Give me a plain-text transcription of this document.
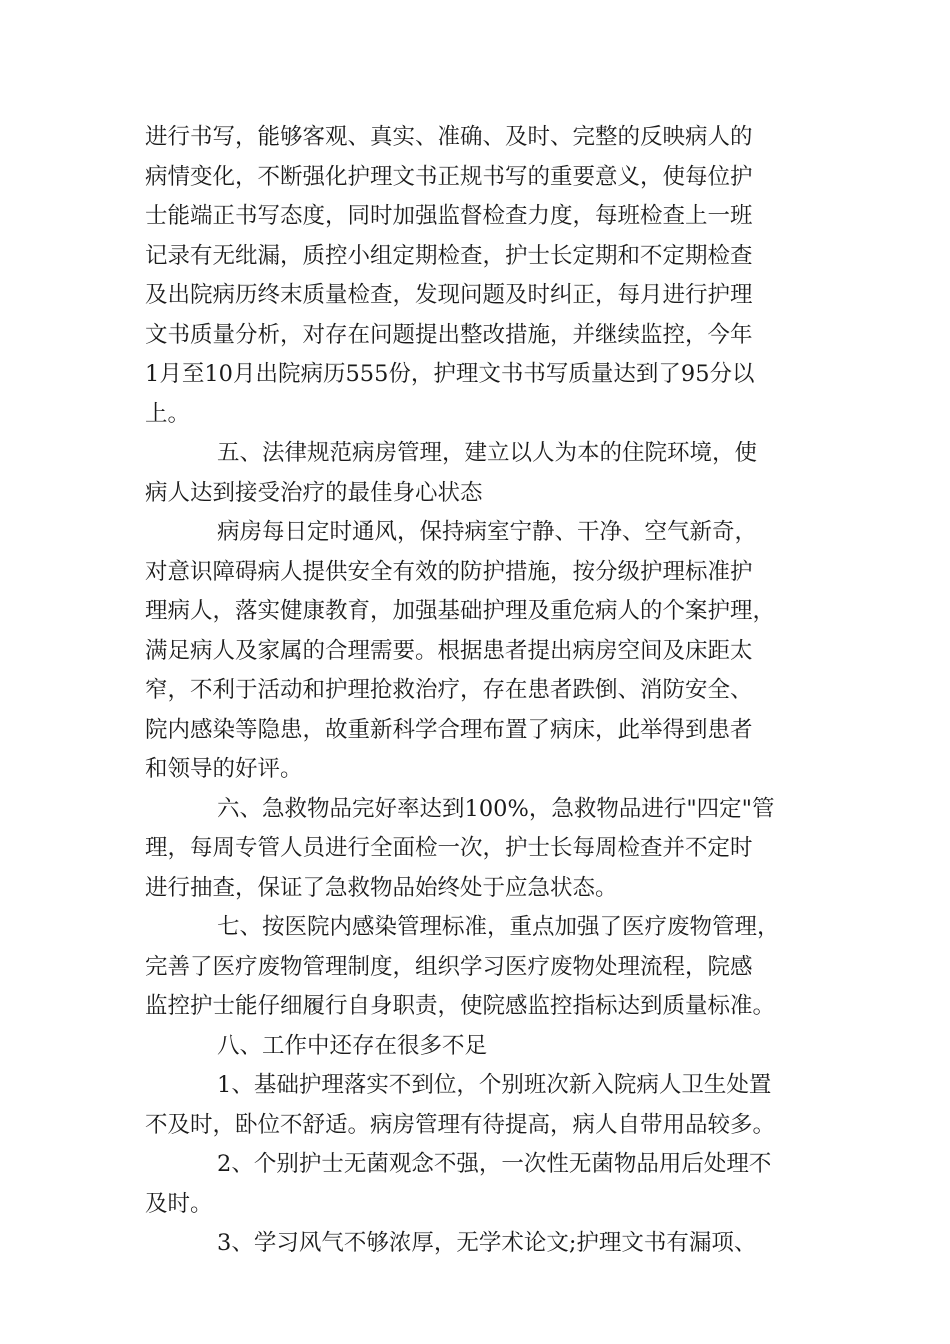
进行书写，能够客观、真实、准确、及时、完整的反映病人的
病情变化，不断强化护理文书正规书写的重要意义，使每位护
士能端正书写态度，同时加强监督检查力度，每班检查上一班
记录有无纰漏，质控小组定期检查，护士长定期和不定期检查
及出院病历终末质量检查，发现问题及时纠正，每月进行护理
文书质量分析，对存在问题提出整改措施，并继续监控，今年
1月至10月出院病历555份，护理文书书写质量达到了95分以
上。
五、法律规范病房管理，建立以人为本的住院环境，使
病人达到接受治疗的最佳身心状态
病房每日定时通风，保持病室宁静、干净、空气新奇，
对意识障碍病人提供安全有效的防护措施，按分级护理标准护
理病人，落实健康教育，加强基础护理及重危病人的个案护理，
满足病人及家属的合理需要。根据患者提出病房空间及床距太
窄，不利于活动和护理抢救治疗，存在患者跌倒、消防安全、
院内感染等隐患，故重新科学合理布置了病床，此举得到患者
和领导的好评。
六、急救物品完好率达到100%，急救物品进行"四定"管
理，每周专管人员进行全面检一次，护士长每周检查并不定时
进行抽查，保证了急救物品始终处于应急状态。
七、按医院内感染管理标准，重点加强了医疗废物管理，
完善了医疗废物管理制度，组织学习医疗废物处理流程，院感
监控护士能仔细履行自身职责，使院感监控指标达到质量标准。
八、工作中还存在很多不足
1、基础护理落实不到位，个别班次新入院病人卫生处置
不及时，卧位不舒适。病房管理有待提高，病人自带用品较多。
2、个别护士无菌观念不强，一次性无菌物品用后处理不
及时。
3、学习风气不够浓厚，无学术论文;护理文书有漏项、
